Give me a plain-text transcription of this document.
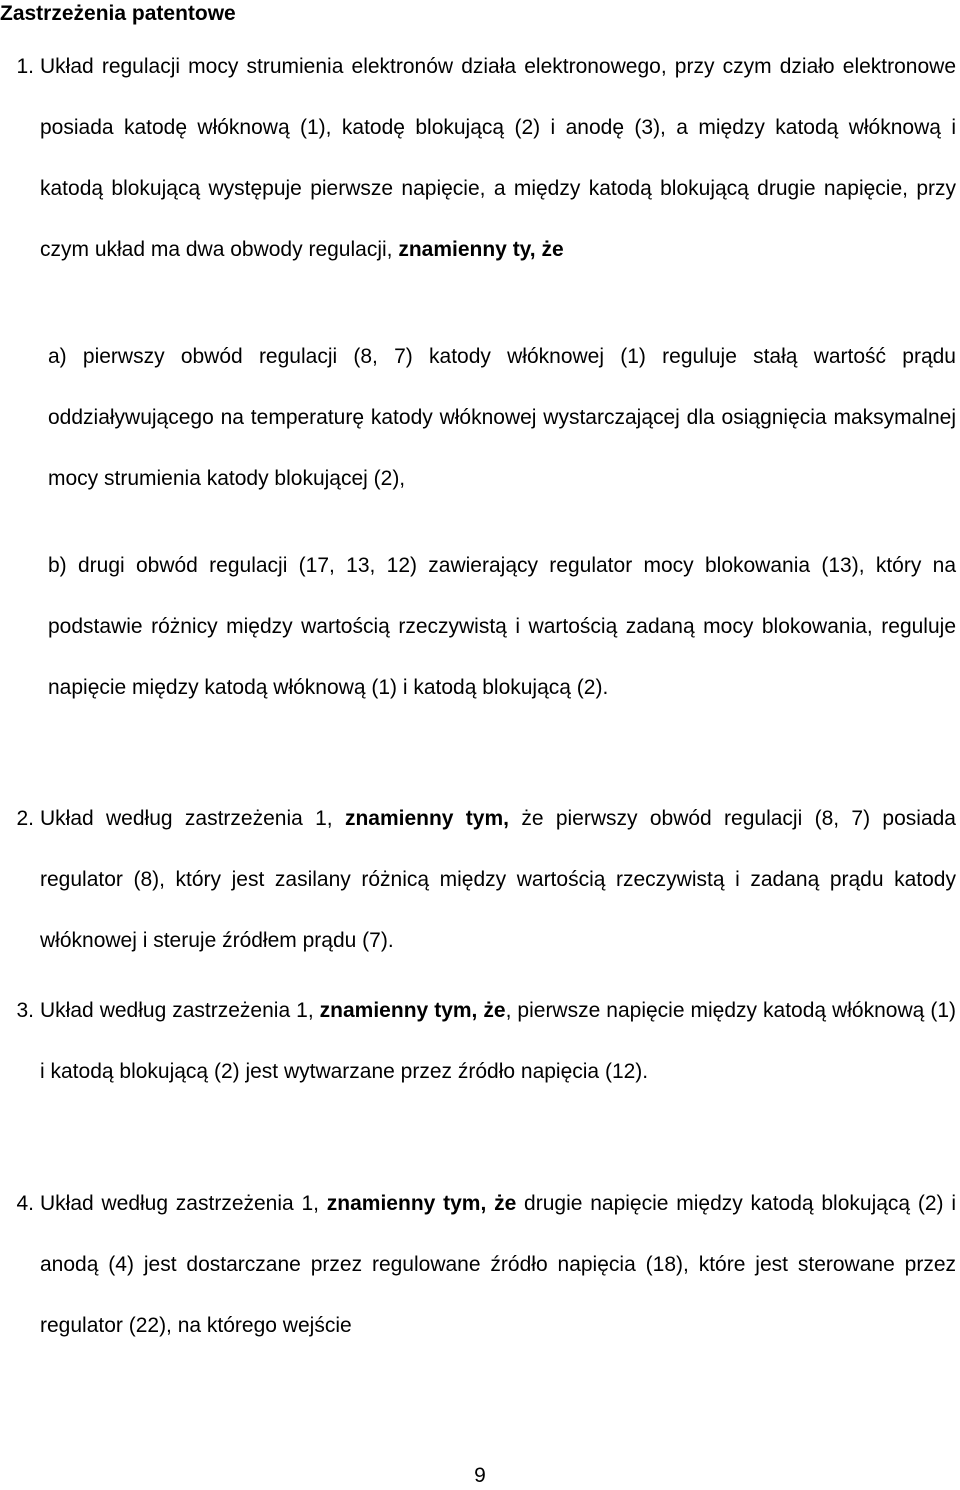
Zastrzeżenia patentowe

1. Układ regulacji mocy strumienia elektronów działa elektronowego, przy czym działo elektronowe posiada katodę włóknową (1), katodę blokującą (2) i anodę (3), a między katodą włóknową i katodą blokującą występuje pierwsze napięcie, a między katodą blokującą drugie napięcie, przy czym układ ma dwa obwody regulacji, znamienny ty, że

a) pierwszy obwód regulacji (8, 7) katody włóknowej (1) reguluje stałą wartość prądu oddziaływującego na temperaturę katody włóknowej wystarczającej dla osiągnięcia maksymalnej mocy strumienia katody blokującej (2),

b) drugi obwód regulacji (17, 13, 12) zawierający regulator mocy blokowania (13), który na podstawie różnicy między wartością rzeczywistą i wartością zadaną mocy blokowania, reguluje napięcie między katodą włóknową (1) i katodą blokującą (2).

2. Układ według zastrzeżenia 1, znamienny tym, że pierwszy obwód regulacji (8, 7) posiada regulator (8), który jest zasilany różnicą między wartością rzeczywistą i zadaną prądu katody włóknowej i steruje źródłem prądu (7).

3. Układ według zastrzeżenia 1, znamienny tym, że, pierwsze napięcie między katodą włóknową (1) i katodą blokującą (2) jest wytwarzane przez źródło napięcia (12).

4. Układ według zastrzeżenia 1, znamienny tym, że drugie napięcie między katodą blokującą (2) i anodą (4) jest dostarczane przez regulowane źródło napięcia (18), które jest sterowane przez regulator (22), na którego wejście

9
